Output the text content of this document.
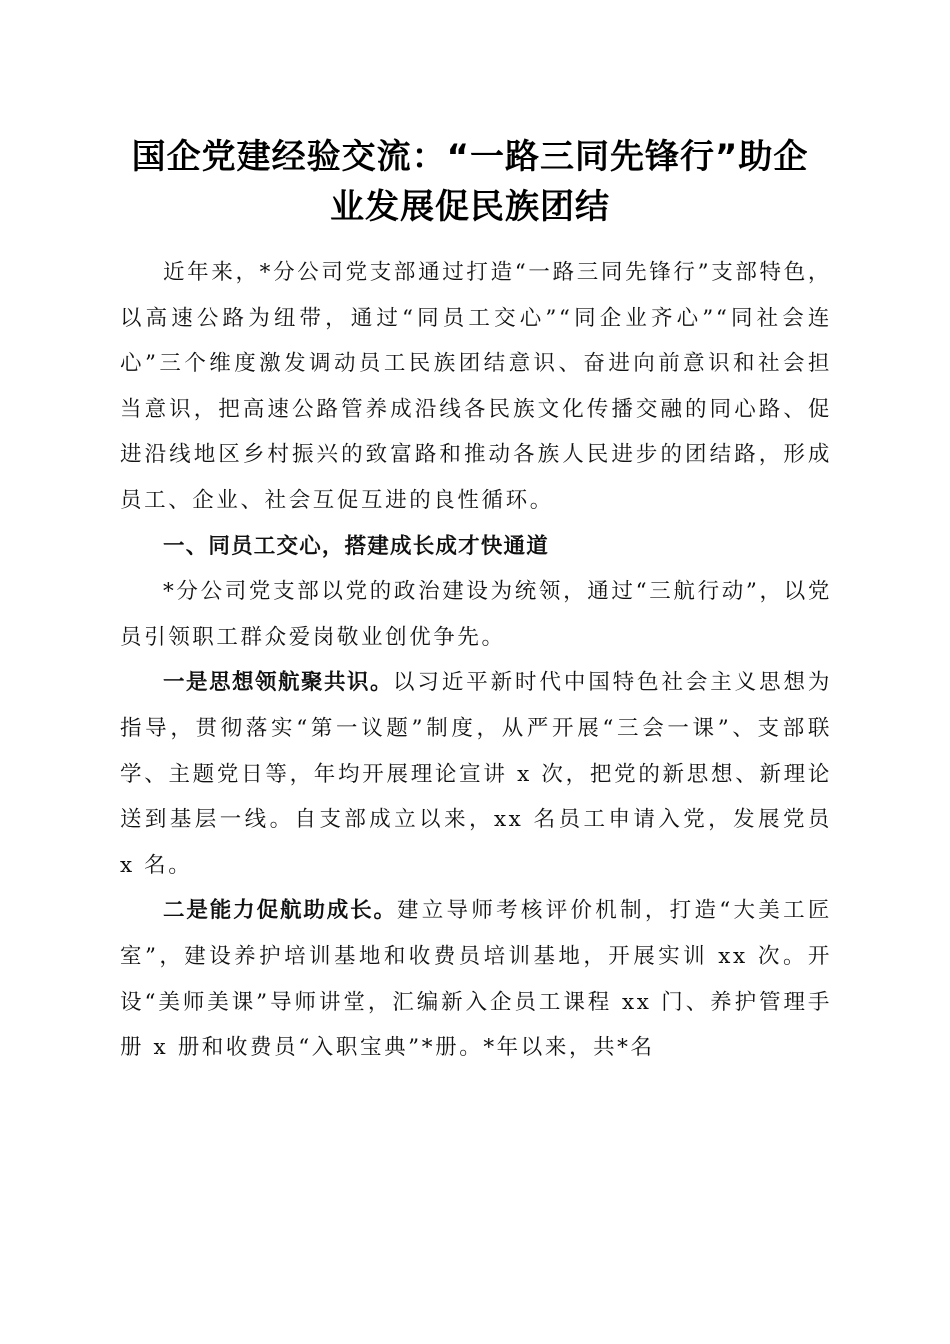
国企党建经验交流：“一路三同先锋行”助企
业发展促民族团结

近年来，*分公司党支部通过打造“一路三同先锋行”支部特色，以高速公路为纽带，通过“同员工交心”“同企业齐心”“同社会连心”三个维度激发调动员工民族团结意识、奋进向前意识和社会担当意识，把高速公路管养成沿线各民族文化传播交融的同心路、促进沿线地区乡村振兴的致富路和推动各族人民进步的团结路，形成员工、企业、社会互促互进的良性循环。

一、同员工交心，搭建成长成才快通道

*分公司党支部以党的政治建设为统领，通过“三航行动”，以党员引领职工群众爱岗敬业创优争先。

一是思想领航聚共识。以习近平新时代中国特色社会主义思想为指导，贯彻落实“第一议题”制度，从严开展“三会一课”、支部联学、主题党日等，年均开展理论宣讲 x 次，把党的新思想、新理论送到基层一线。自支部成立以来，xx 名员工申请入党，发展党员 x 名。

二是能力促航助成长。建立导师考核评价机制，打造“大美工匠室”，建设养护培训基地和收费员培训基地，开展实训 xx 次。开设“美师美课”导师讲堂，汇编新入企员工课程 xx 门、养护管理手册 x 册和收费员“入职宝典”*册。*年以来，共*名
